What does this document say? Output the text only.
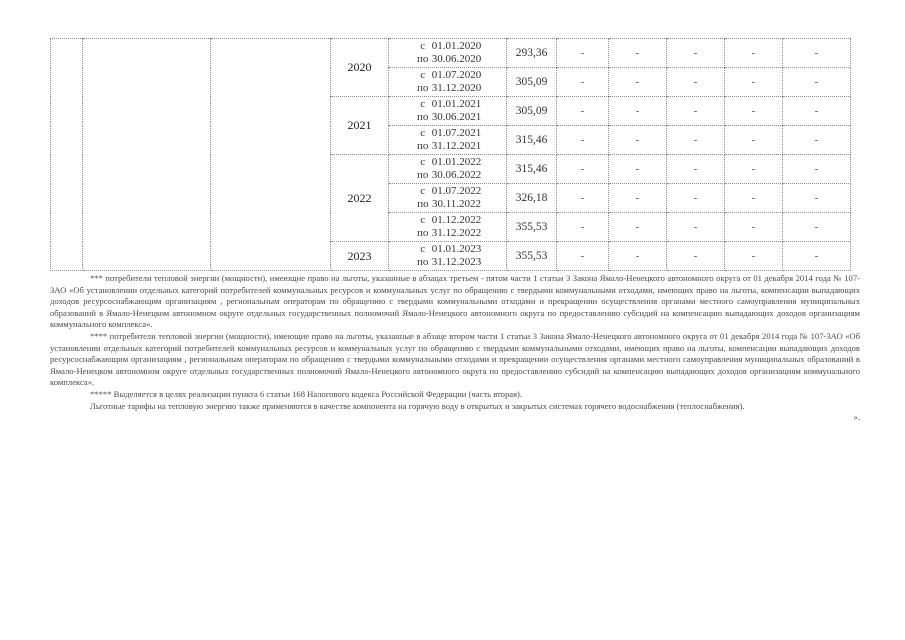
			2020	с 01.01.2020
по 30.06.2020	293,36	-	-	-	-	-

				с 01.07.2020
по 31.12.2020	305,09	-	-	-	-	-
			2021	с 01.01.2021
по 30.06.2021	305,09	-	-	-	-	-

				с 01.07.2021
по 31.12.2021	315,46	-	-	-	-	-
			2022	с 01.01.2022
по 30.06.2022	315,46	-	-	-	-	-

				с 01.07.2022
по 30.11.2022	326,18	-	-	-	-	-

				с 01.12.2022
по 31.12.2022	355,53	-	-	-	-	-
			2023	с 01.01.2023
по 31.12.2023	355,53	-	-	-	-	-

*** потребители тепловой энергии (мощности), имеющие право на льготы, указанные в абзацах третьем - пятом части 1 статьи 3 Закона Ямало-Ненецкого автономного округа от 01 декабря 2014 года № 107-ЗАО «Об установлении отдельных категорий потребителей коммунальных ресурсов и коммунальных услуг по обращению с твердыми коммунальными отходами, имеющих право на льготы, компенсации выпадающих доходов ресурсоснабжающим организациям , региональным операторам по обращению с твердыми коммунальными отходами и прекращении осуществления органами местного самоуправления муниципальных образований в Ямало-Ненецком автономном округе отдельных государственных полномочий Ямало-Ненецкого автономного округа по предоставлению субсидий на компенсацию выпадающих доходов организациям коммунального комплекса».

**** потребители тепловой энергии (мощности), имеющие право на льготы, указанные в абзаце втором части 1 статьи 3 Закона Ямало-Ненецкого автономного округа от 01 декабря 2014 года № 107-ЗАО «Об установлении отдельных категорий потребителей коммунальных ресурсов и коммунальных услуг по обращению с твердыми коммунальными отходами, имеющих право на льготы, компенсации выпадающих доходов ресурсоснабжающим организациям , региональным операторам по обращению с твердыми коммунальными отходами и прекращении осуществления органами местного самоуправления муниципальных образований в Ямало-Ненецком автономном округе отдельных государственных полномочий Ямало-Ненецкого автономного округа по предоставлению субсидий на компенсацию выпадающих доходов организациям коммунального комплекса».

***** Выделяется в целях реализации пункта 6 статьи 168 Налогового кодекса Российской Федерации (часть вторая).

Льготные тарифы на тепловую энергию также применяются в качестве компонента на горячую воду в открытых и закрытых системах горячего водоснабжения (теплоснабжения).

».
